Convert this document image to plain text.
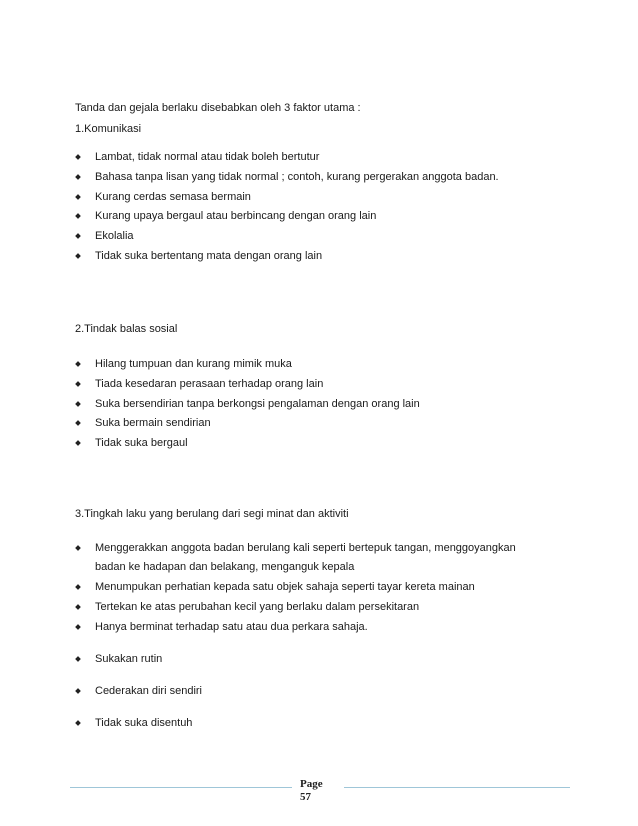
Tanda dan gejala berlaku disebabkan oleh 3 faktor utama :
1.Komunikasi
Lambat, tidak normal atau tidak boleh bertutur
Bahasa tanpa lisan yang tidak normal ; contoh, kurang pergerakan anggota badan.
Kurang cerdas semasa bermain
Kurang upaya bergaul atau berbincang dengan orang lain
Ekolalia
Tidak suka bertentang mata dengan orang lain
2.Tindak balas sosial
Hilang tumpuan dan kurang mimik muka
Tiada kesedaran perasaan terhadap orang lain
Suka bersendirian tanpa berkongsi pengalaman dengan orang lain
Suka bermain sendirian
Tidak suka bergaul
3.Tingkah laku yang berulang dari segi minat dan aktiviti
Menggerakkan anggota badan berulang kali seperti bertepuk tangan, menggoyangkan
badan ke hadapan dan belakang, menganguk kepala
Menumpukan perhatian kepada satu objek sahaja seperti tayar kereta mainan
Tertekan ke atas perubahan kecil yang berlaku dalam persekitaran
Hanya berminat terhadap satu atau dua perkara sahaja.
Sukakan rutin
Cederakan diri sendiri
Tidak suka disentuh
Page
57
